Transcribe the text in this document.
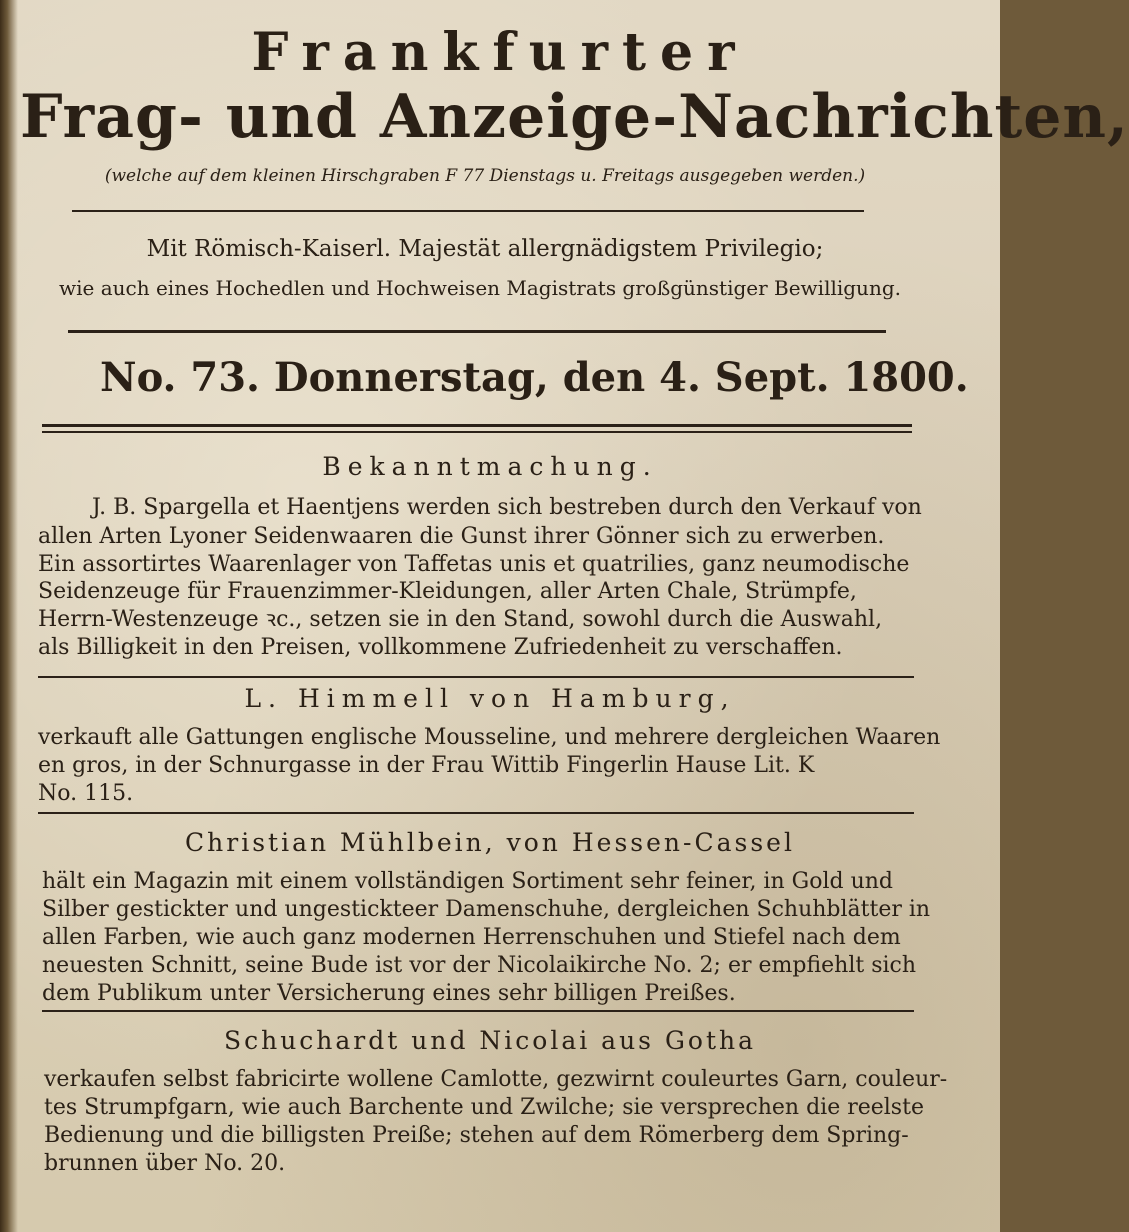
Frankfurter
Frag- und Anzeige-Nachrichten,
(welche auf dem kleinen Hirschgraben F 77 Dienstags u. Freitags ausgegeben werden.)
Mit Römisch-Kaiserl. Majestät allergnädigstem Privilegio;
wie auch eines Hochedlen und Hochweisen Magistrats großgünstiger Bewilligung.
No. 73. Donnerstag, den 4. Sept. 1800.
Bekanntmachung.
J. B. Spargella et Haentjens werden sich bestreben durch den Verkauf von
allen Arten Lyoner Seidenwaaren die Gunst ihrer Gönner sich zu erwerben.
Ein assortirtes Waarenlager von Taffetas unis et quatrilies, ganz neumodische
Seidenzeuge für Frauenzimmer-Kleidungen, aller Arten Chale, Strümpfe,
Herrn-Westenzeuge ꝛc., setzen sie in den Stand, sowohl durch die Auswahl,
als Billigkeit in den Preisen, vollkommene Zufriedenheit zu verschaffen.
L. Himmell von Hamburg,
verkauft alle Gattungen englische Mousseline, und mehrere dergleichen Waaren
en gros, in der Schnurgasse in der Frau Wittib Fingerlin Hause Lit. K
No. 115.
Christian Mühlbein, von Hessen-Cassel
hält ein Magazin mit einem vollständigen Sortiment sehr feiner, in Gold und
Silber gestickter und ungestickteer Damenschuhe, dergleichen Schuhblätter in
allen Farben, wie auch ganz modernen Herrenschuhen und Stiefel nach dem
neuesten Schnitt, seine Bude ist vor der Nicolaikirche No. 2; er empfiehlt sich
dem Publikum unter Versicherung eines sehr billigen Preißes.
Schuchardt und Nicolai aus Gotha
verkaufen selbst fabricirte wollene Camlotte, gezwirnt couleurtes Garn, couleur-
tes Strumpfgarn, wie auch Barchente und Zwilche; sie versprechen die reelste
Bedienung und die billigsten Preiße; stehen auf dem Römerberg dem Spring-
brunnen über No. 20.
